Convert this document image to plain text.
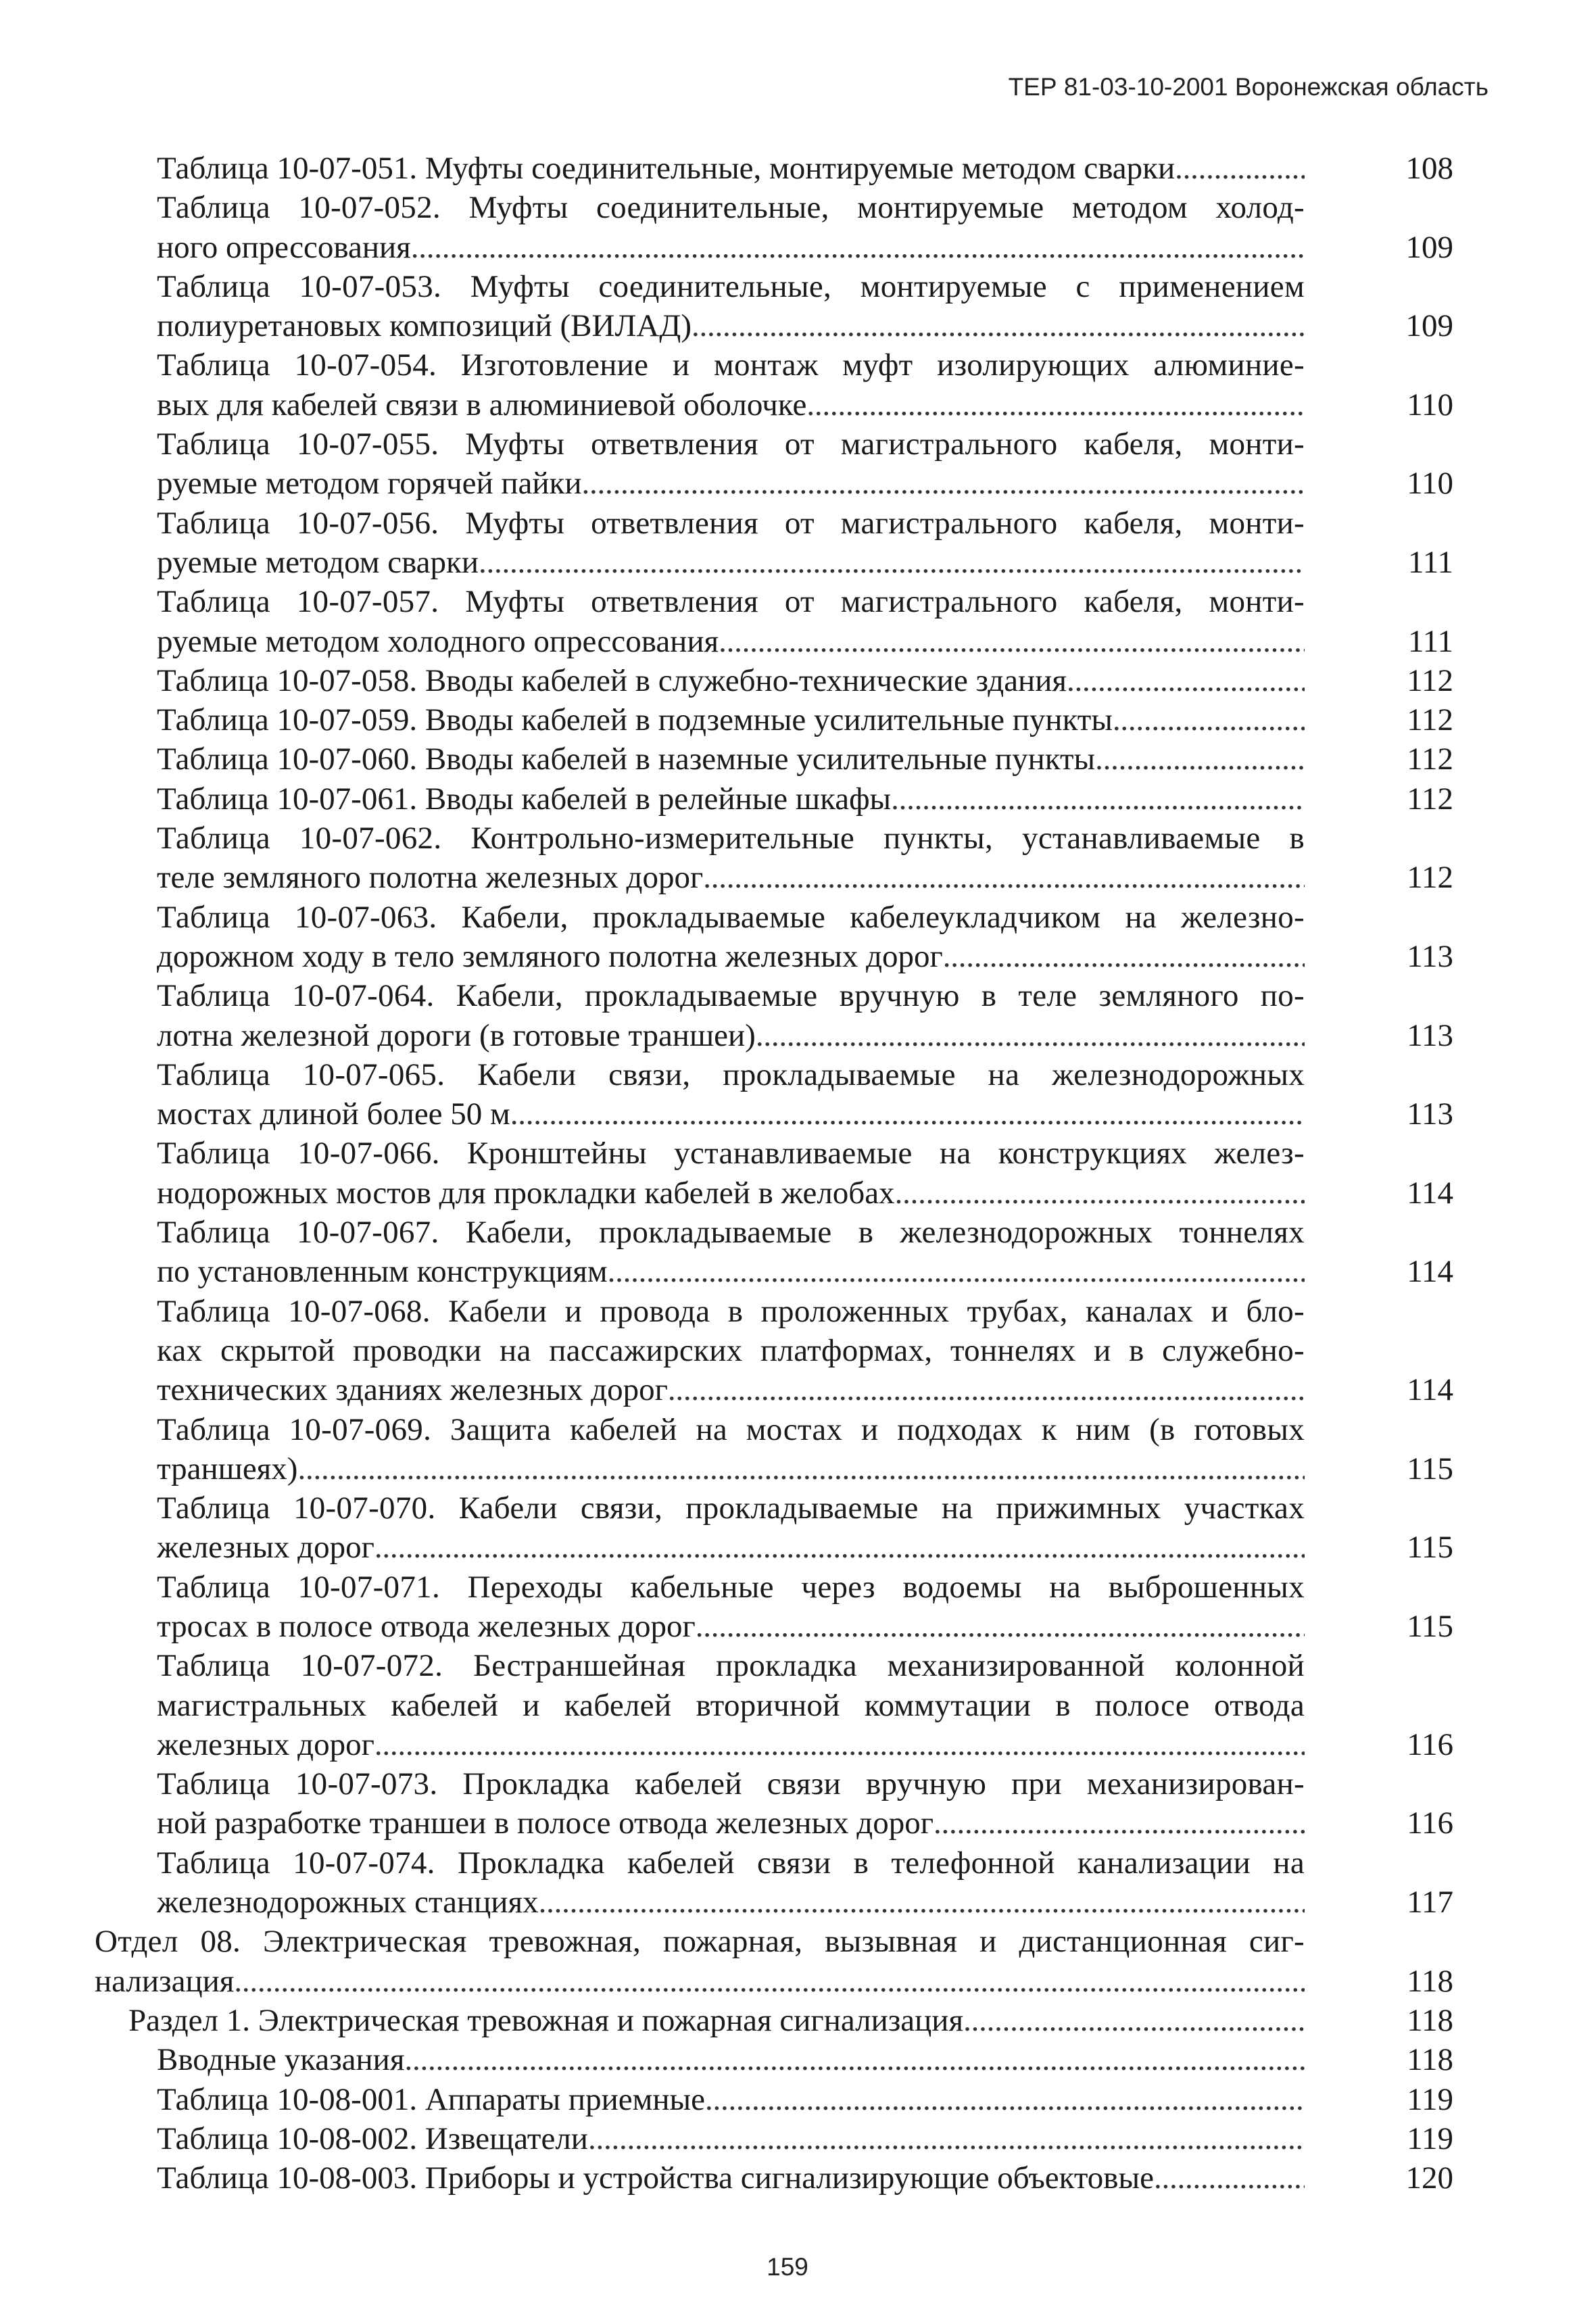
ТЕР 81-03-10-2001 Воронежская область
Таблица 10-07-051. Муфты соединительные, монтируемые методом сварки . . .	108
Таблица 10-07-052. Муфты соединительные, монтируемые методом холод-
ного опрессования . . .	109
Таблица 10-07-053. Муфты соединительные, монтируемые с применением
полиуретановых композиций (ВИЛАД) . . .	109
Таблица 10-07-054. Изготовление и монтаж муфт изолирующих алюминие-
вых для кабелей связи в алюминиевой оболочке . . .	110
Таблица 10-07-055. Муфты ответвления от магистрального кабеля, монти-
руемые методом горячей пайки . . .	110
Таблица 10-07-056. Муфты ответвления от магистрального кабеля, монти-
руемые методом сварки . . .	111
Таблица 10-07-057. Муфты ответвления от магистрального кабеля, монти-
руемые методом холодного опрессования . . .	111
Таблица 10-07-058. Вводы кабелей в служебно-технические здания . . .	112
Таблица 10-07-059. Вводы кабелей в подземные усилительные пункты . . .	112
Таблица 10-07-060. Вводы кабелей в наземные усилительные пункты . . .	112
Таблица 10-07-061. Вводы кабелей в релейные шкафы . . .	112
Таблица 10-07-062. Контрольно-измерительные пункты, устанавливаемые в
теле земляного полотна железных дорог . . .	112
Таблица 10-07-063. Кабели, прокладываемые кабелеукладчиком на железно-
дорожном ходу в тело земляного полотна железных дорог . . .	113
Таблица 10-07-064. Кабели, прокладываемые вручную в теле земляного по-
лотна железной дороги (в готовые траншеи) . . .	113
Таблица 10-07-065. Кабели связи, прокладываемые на железнодорожных
мостах длиной более 50 м . . .	113
Таблица 10-07-066. Кронштейны устанавливаемые на конструкциях желез-
нодорожных мостов для прокладки кабелей в желобах . . .	114
Таблица 10-07-067. Кабели, прокладываемые в железнодорожных тоннелях
по установленным конструкциям . . .	114
Таблица 10-07-068. Кабели и провода в проложенных трубах, каналах и бло-
ках скрытой проводки на пассажирских платформах, тоннелях и в служебно-
технических зданиях железных дорог . . .	114
Таблица 10-07-069. Защита кабелей на мостах и подходах к ним (в готовых
траншеях) . . .	115
Таблица 10-07-070. Кабели связи, прокладываемые на прижимных участках
железных дорог . . .	115
Таблица 10-07-071. Переходы кабельные через водоемы на выброшенных
тросах в полосе отвода железных дорог . . .	115
Таблица 10-07-072. Бестраншейная прокладка механизированной колонной
магистральных кабелей и кабелей вторичной коммутации в полосе отвода
железных дорог . . .	116
Таблица 10-07-073. Прокладка кабелей связи вручную при механизирован-
ной разработке траншеи в полосе отвода железных дорог . . .	116
Таблица 10-07-074. Прокладка кабелей связи в телефонной канализации на
железнодорожных станциях . . .	117
Отдел 08. Электрическая тревожная, пожарная, вызывная и дистанционная сиг-
нализация . . .	118
Раздел 1. Электрическая тревожная и пожарная сигнализация . . .	118
Вводные указания . . .	118
Таблица 10-08-001. Аппараты приемные . . .	119
Таблица 10-08-002. Извещатели . . .	119
Таблица 10-08-003. Приборы и устройства сигнализирующие объектовые . . .	120
159
